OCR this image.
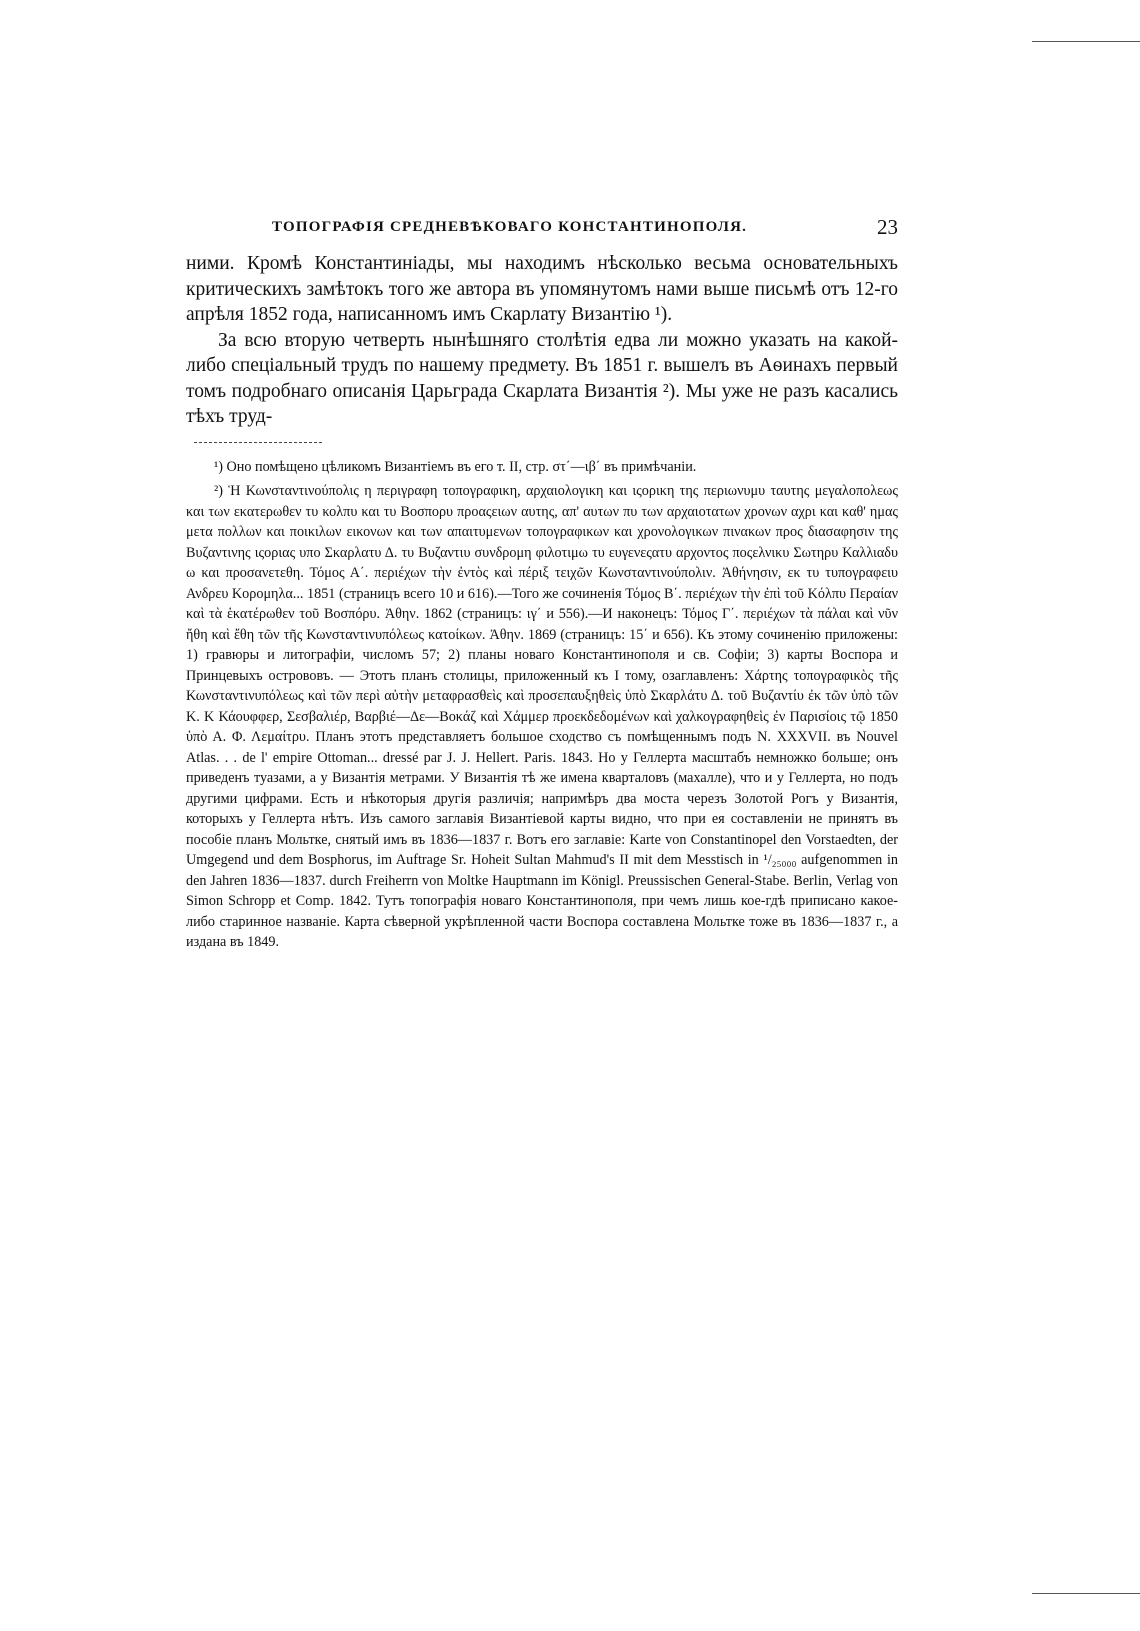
ТОПОГРАФІЯ СРЕДНЕВѢКОВАГО КОНСТАНТИНОПОЛЯ.	23

ними. Кромѣ Константиніады, мы находимъ нѣсколько весьма основательныхъ критическихъ замѣтокъ того же автора въ упомянутомъ нами выше письмѣ отъ 12-го апрѣля 1852 года, написанномъ имъ Скарлату Византію ¹).

За всю вторую четверть нынѣшняго столѣтія едва ли можно указать на какой-либо спеціальный трудъ по нашему предмету. Въ 1851 г. вышелъ въ Аѳинахъ первый томъ подробнаго описанія Царьграда Скарлата Византія ²). Мы уже не разъ касались тѣхъ труд-

¹) Оно помѣщено цѣликомъ Византіемъ въ его т. II, стр. στ΄—ιβ΄ въ примѣчаніи.

²) Ἡ Κωνσταντινούπολις η περιγραφη τοπογραφικη, αρχαιολογικη και ιςορικη της περιωνυμυ ταυτης μεγαλοπολεως και των εκατερωθεν τυ κολπυ και τυ Βοσπορυ προαςειων αυτης, απ' αυτων πυ των αρχαιοτατων χρονων αχρι και καθ' ημας μετα πολλων και ποικιλων εικονων και των απαιτυμενων τοπογραφικων και χρονολογικων πινακων προς διασαφησιν της Βυζαντινης ιςοριας υπο Σκαρλατυ Δ. τυ Βυζαντιυ συνδρομη φιλοτιμω τυ ευγενεςατυ αρχοντος ποςελνικυ Σωτηρυ Καλλιαδυ ω και προσανετεθη. Τόμος Α΄. περιέχων τὴν ἐντὸς καὶ πέριξ τειχῶν Κωνσταντινούπολιν. Ἀθήνησιν, εκ τυ τυπογραφειυ Ανδρευ Κορομηλα... 1851 (страницъ всего 10 и 616).—Того же сочиненія Τόμος Β΄. περιέχων τὴν ἐπὶ τοῦ Κόλπυ Περαίαν καὶ τὰ ἑκατέρωθεν τοῦ Βοσπόρυ. Ἀθην. 1862 (страницъ: ιγ΄ и 556).—И наконецъ: Τόμος Γ΄. περιέχων τὰ πάλαι καὶ νῦν ἤθη καὶ ἔθη τῶν τῆς Κωνσταντινυπόλεως κατοίκων. Ἀθην. 1869 (страницъ: 15΄ и 656). Къ этому сочиненію приложены: 1) гравюры и литографіи, числомъ 57; 2) планы новаго Константинополя и св. Софіи; 3) карты Воспора и Принцевыхъ острововъ. — Этотъ планъ столицы, приложенный къ I тому, озаглавленъ: Χάρτης τοπογραφικὸς τῆς Κωνσταντινυπόλεως καὶ τῶν περὶ αὐτὴν μεταφρασθεὶς καὶ προσεπαυξηθεὶς ὑπὸ Σκαρλάτυ Δ. τοῦ Βυζαντίυ ἐκ τῶν ὑπὸ τῶν Κ. Κ Κάουφφερ, Σεσβαλιέρ, Βαρβιέ—Δε—Βοκάζ καὶ Χάμμερ προεκδεδομένων καὶ χαλκογραφηθεὶς ἐν Παρισίοις τῷ 1850 ὑπὸ Α. Φ. Λεμαίτρυ. Планъ этотъ представляетъ большое сходство съ помѣщеннымъ подъ N. XXXVII. въ Nouvel Atlas. . . de l' empire Ottoman... dressé par J. J. Hellert. Paris. 1843. Но у Геллерта масштабъ немножко больше; онъ приведенъ туазами, а у Византія метрами. У Византія тѣ же имена кварталовъ (махалле), что и у Геллерта, но подъ другими цифрами. Есть и нѣкоторыя другія различія; напримѣръ два моста черезъ Золотой Рогъ у Византія, которыхъ у Геллерта нѣтъ. Изъ самого заглавія Византіевой карты видно, что при ея составленіи не принятъ въ пособіе планъ Мольтке, снятый имъ въ 1836—1837 г. Вотъ его заглавіе: Karte von Constantinopel den Vorstaedten, der Umgegend und dem Bosphorus, im Auftrage Sr. Hoheit Sultan Mahmud's II mit dem Messtisch in ¹/₂₅₀₀₀ aufgenommen in den Jahren 1836—1837. durch Freiherrn von Moltke Hauptmann im Königl. Preussischen General-Stabe. Berlin, Verlag von Simon Schropp et Comp. 1842. Тутъ топографія новаго Константинополя, при чемъ лишь кое-гдѣ приписано какое-либо старинное названіе. Карта сѣверной укрѣпленной части Воспора составлена Мольтке тоже въ 1836—1837 г., а издана въ 1849.
